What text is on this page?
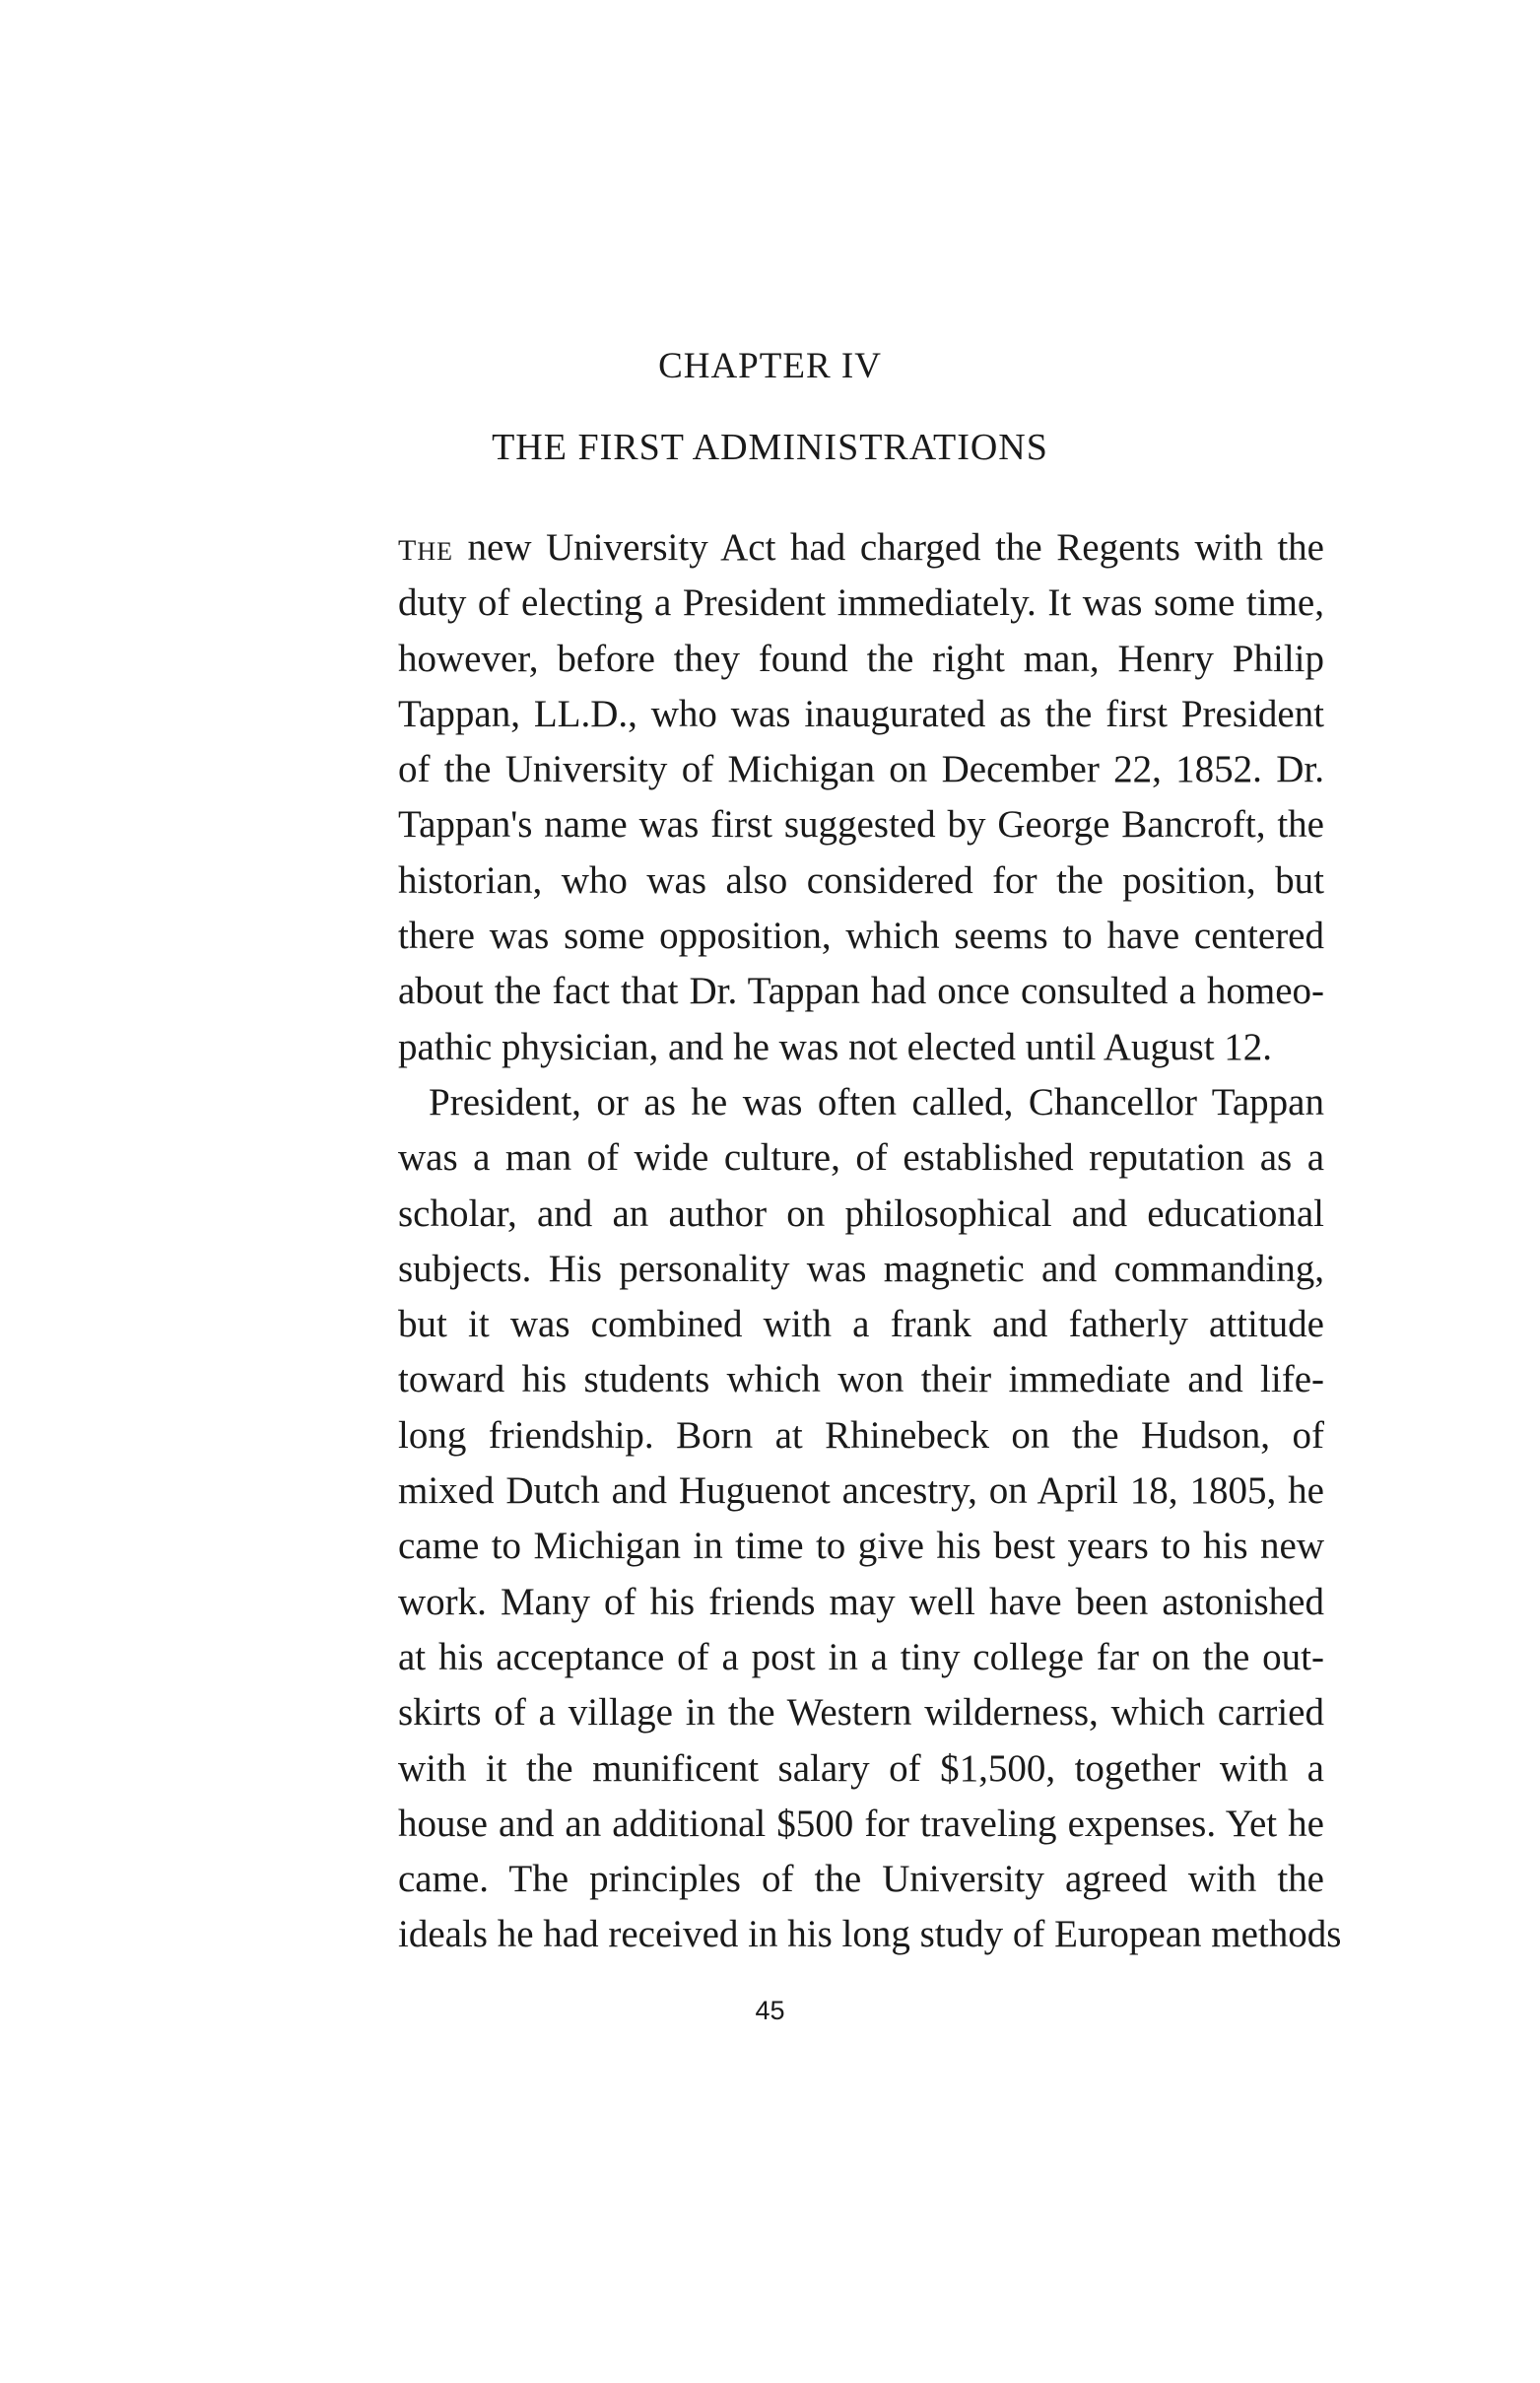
CHAPTER IV
THE FIRST ADMINISTRATIONS
THE new University Act had charged the Regents with the
duty of electing a President immediately. It was some time,
however, before they found the right man, Henry Philip
Tappan, LL.D., who was inaugurated as the first President
of the University of Michigan on December 22, 1852. Dr.
Tappan's name was first suggested by George Bancroft, the
historian, who was also considered for the position, but
there was some opposition, which seems to have centered
about the fact that Dr. Tappan had once consulted a homeo-
pathic physician, and he was not elected until August 12.
President, or as he was often called, Chancellor Tappan
was a man of wide culture, of established reputation as a
scholar, and an author on philosophical and educational
subjects. His personality was magnetic and commanding,
but it was combined with a frank and fatherly attitude
toward his students which won their immediate and life-
long friendship. Born at Rhinebeck on the Hudson, of
mixed Dutch and Huguenot ancestry, on April 18, 1805, he
came to Michigan in time to give his best years to his new
work. Many of his friends may well have been astonished
at his acceptance of a post in a tiny college far on the out-
skirts of a village in the Western wilderness, which carried
with it the munificent salary of $1,500, together with a
house and an additional $500 for traveling expenses. Yet he
came. The principles of the University agreed with the
ideals he had received in his long study of European methods
45
